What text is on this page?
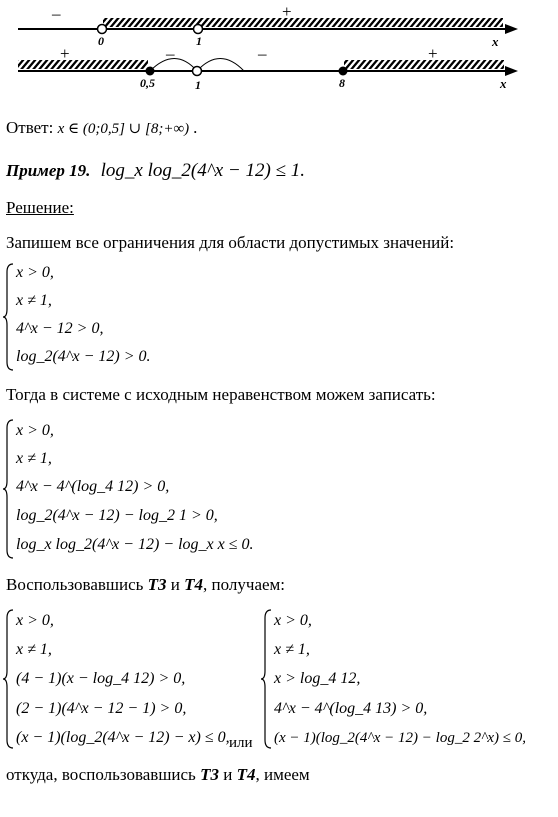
–	+
0	1	x
+	–	–	+
0,5	1	8	x
Ответ: x ∈ (0;0,5] ∪ [8;+∞) .
Пример 19. log_x log_2(4^x − 12) ≤ 1.
Решение:
Запишем все ограничения для области допустимых значений:
x > 0,
x ≠ 1,
4^x − 12 > 0,
log_2(4^x − 12) > 0.
Тогда в системе с исходным неравенством можем записать:
x > 0,
x ≠ 1,
4^x − 4^(log_4 12) > 0,
log_2(4^x − 12) − log_2 1 > 0,
log_x log_2(4^x − 12) − log_x x ≤ 0.
Воспользовавшись Т3 и Т4, получаем:
x > 0,
x ≠ 1,
(4 − 1)(x − log_4 12) > 0,
(2 − 1)(4^x − 12 − 1) > 0,
(x − 1)(log_2(4^x − 12) − x) ≤ 0, или
x > 0,
x ≠ 1,
x > log_4 12,
4^x − 4^(log_4 13) > 0,
(x − 1)(log_2(4^x − 12) − log_2 2^x) ≤ 0,
откуда, воспользовавшись Т3 и Т4, имеем
